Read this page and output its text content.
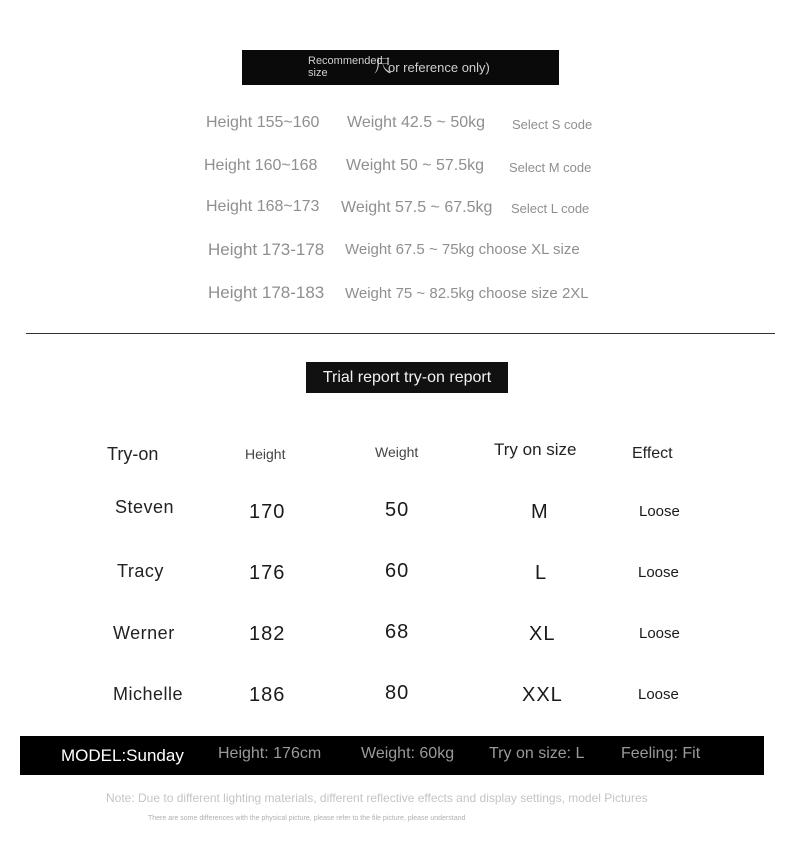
Recommended
size	尺
or reference only)
Height 155~160 Weight 42.5 ~ 50kg Select S code
Height 160~168 Weight 50 ~ 57.5kg Select M code
Height 168~173 Weight 57.5 ~ 67.5kg Select L code
Height 173-178 Weight 67.5 ~ 75kg choose XL size
Height 178-183 Weight 75 ~ 82.5kg choose size 2XL
Trial report try-on report
Try-on	Height	Weight	Try on size	Effect
Steven	170	50	M	Loose
Tracy	176	60	L	Loose
Werner	182	68	XL	Loose
Michelle	186	80	XXL	Loose
MODEL:Sunday Height: 176cm Weight: 60kg Try on size: L Feeling: Fit
Note: Due to different lighting materials, different reflective effects and display settings, model Pictures
There are some differences with the physical picture, please refer to the file picture, please understand
